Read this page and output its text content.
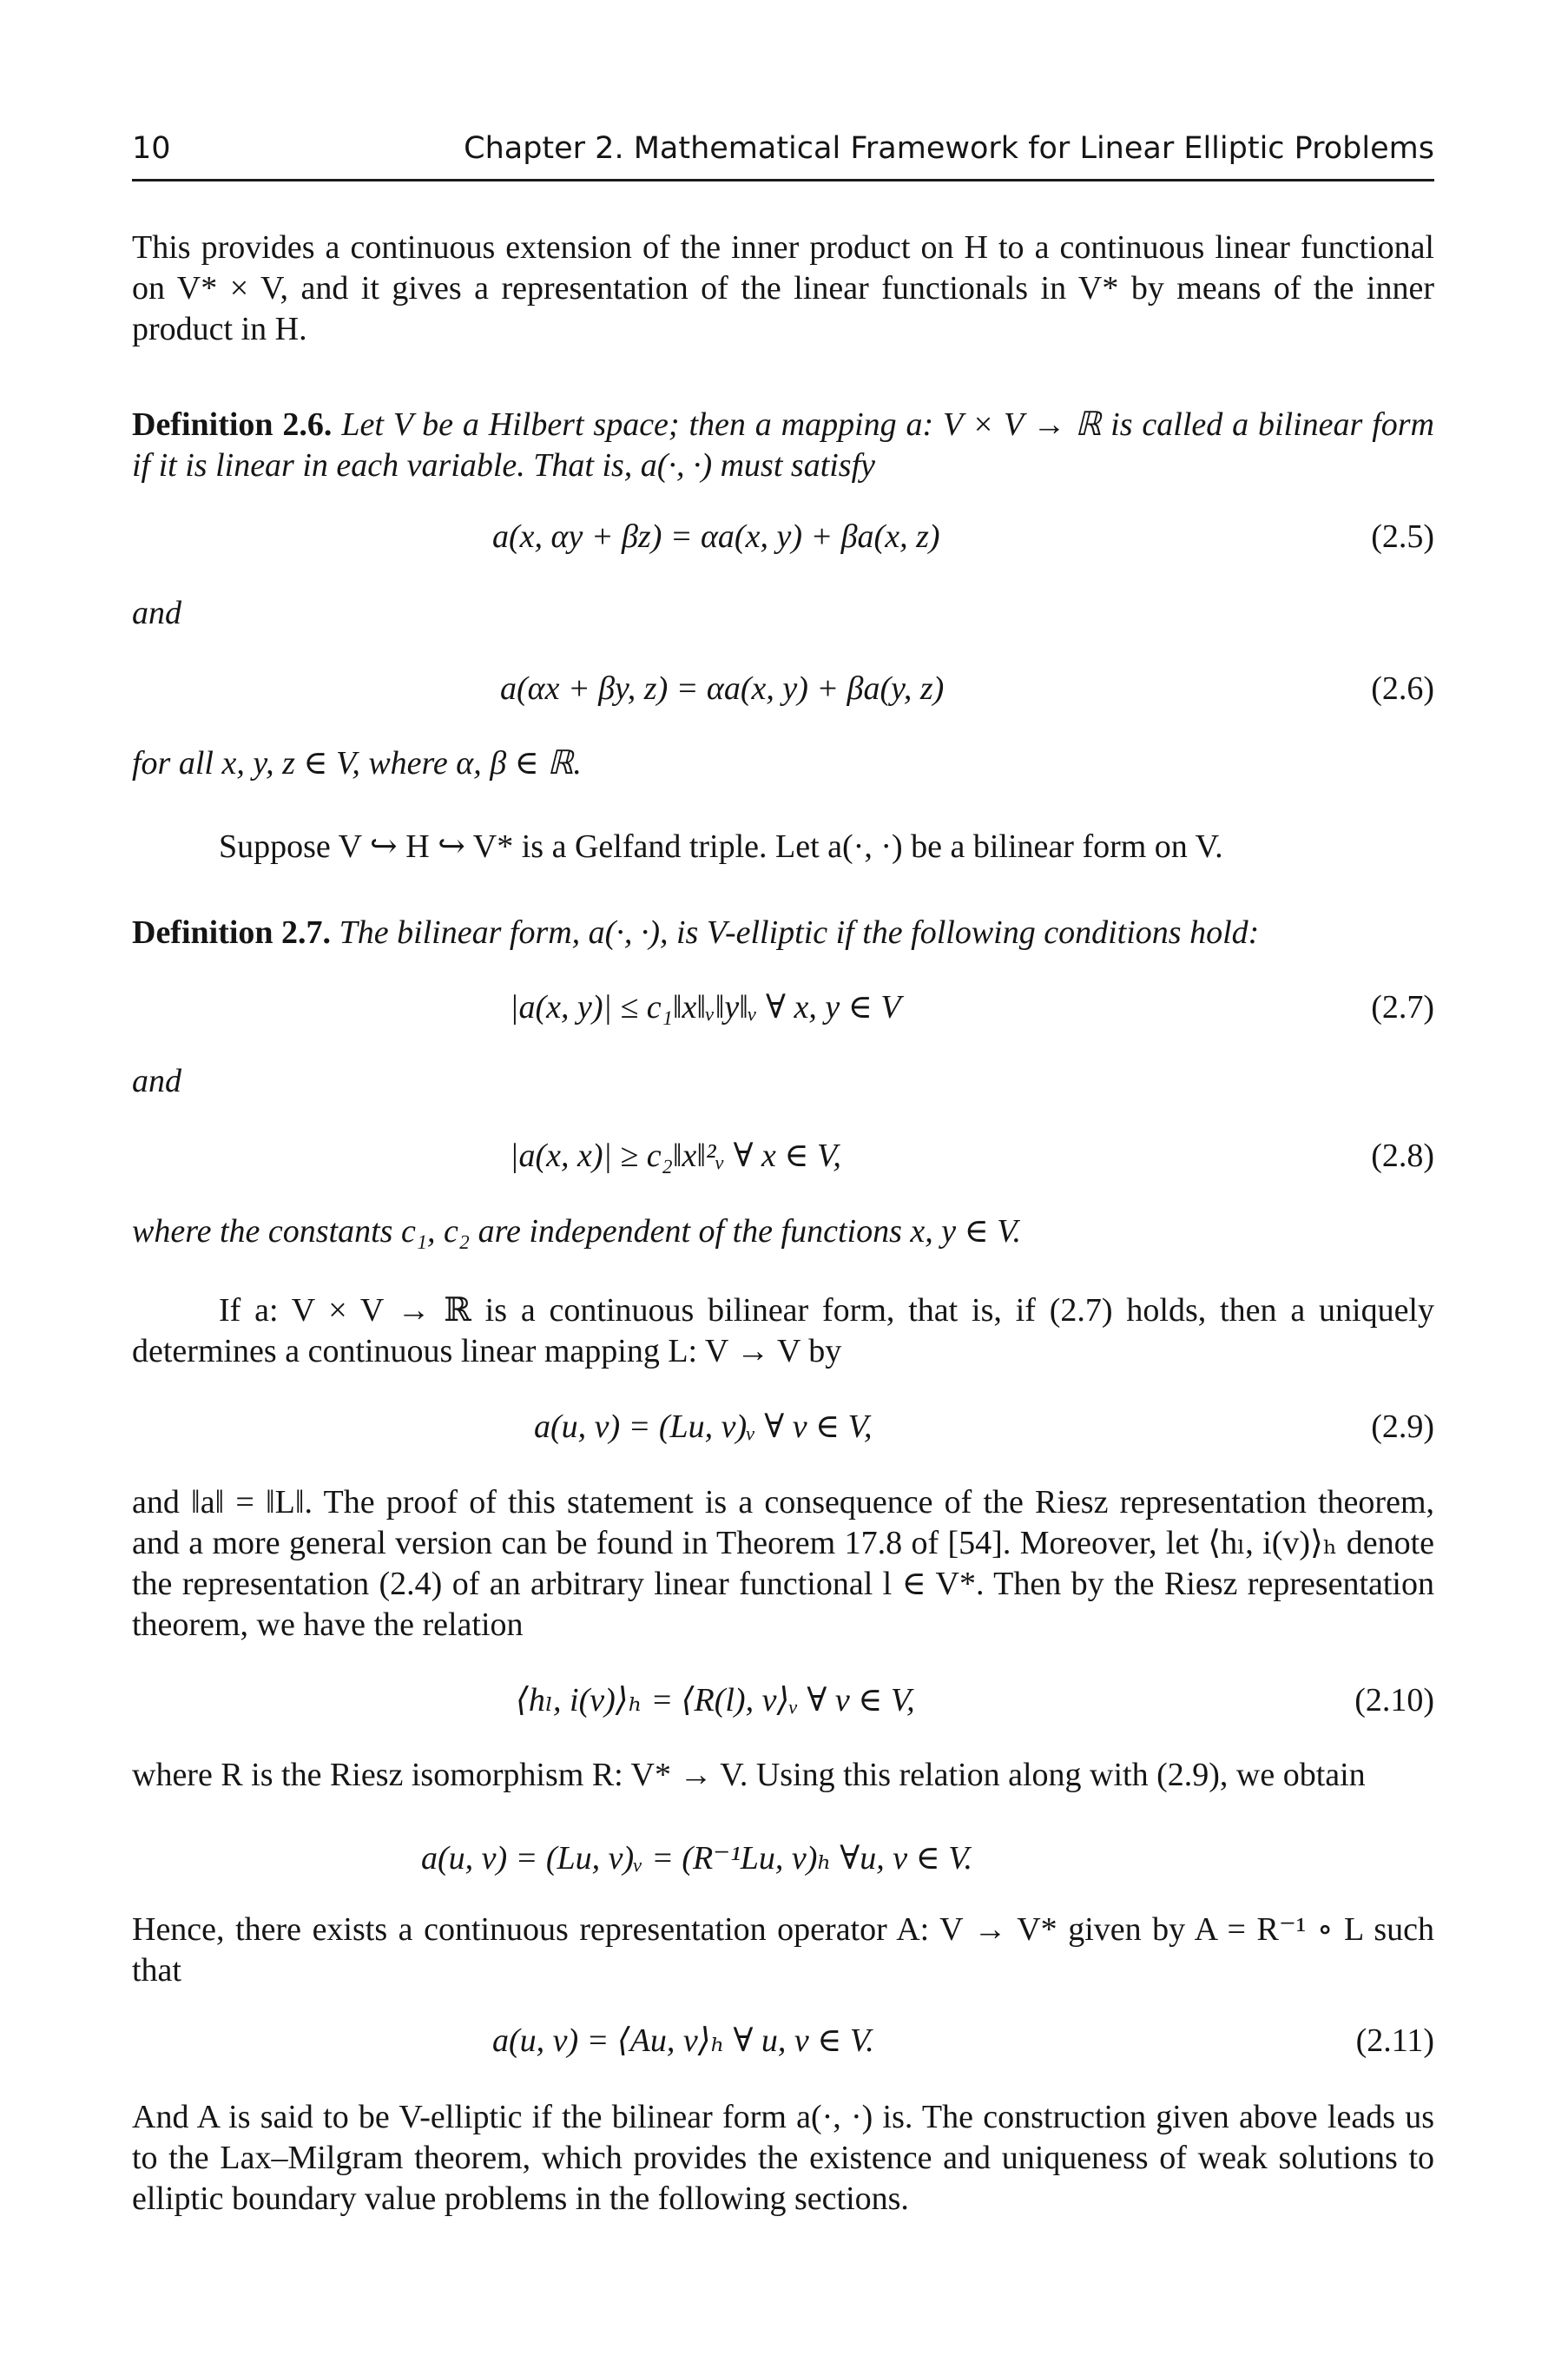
10	Chapter 2. Mathematical Framework for Linear Elliptic Problems

This provides a continuous extension of the inner product on H to a continuous linear functional on V* × V, and it gives a representation of the linear functionals in V* by means of the inner product in H.

Definition 2.6. Let V be a Hilbert space; then a mapping a: V × V → ℝ is called a bilinear form if it is linear in each variable. That is, a(·, ·) must satisfy

a(x, αy + βz) = αa(x, y) + βa(x, z)	(2.5)
and
a(αx + βy, z) = αa(x, y) + βa(y, z)	(2.6)
for all x, y, z ∈ V, where α, β ∈ ℝ.
Suppose V ↪ H ↪ V* is a Gelfand triple. Let a(·, ·) be a bilinear form on V.

Definition 2.7. The bilinear form, a(·, ·), is V-elliptic if the following conditions hold:

|a(x, y)| ≤ c₁‖x‖ᵥ‖y‖ᵥ ∀ x, y ∈ V	(2.7)
and
|a(x, x)| ≥ c₂‖x‖²ᵥ ∀ x ∈ V,	(2.8)
where the constants c₁, c₂ are independent of the functions x, y ∈ V.

If a: V × V → ℝ is a continuous bilinear form, that is, if (2.7) holds, then a uniquely determines a continuous linear mapping L: V → V by

a(u, v) = (Lu, v)ᵥ ∀ v ∈ V,	(2.9)

and ‖a‖ = ‖L‖. The proof of this statement is a consequence of the Riesz representation theorem, and a more general version can be found in Theorem 17.8 of [54]. Moreover, let ⟨hₗ, i(v)⟩ₕ denote the representation (2.4) of an arbitrary linear functional l ∈ V*. Then by the Riesz representation theorem, we have the relation

⟨hₗ, i(v)⟩ₕ = ⟨R(l), v⟩ᵥ ∀ v ∈ V,	(2.10)

where R is the Riesz isomorphism R: V* → V. Using this relation along with (2.9), we obtain

a(u, v) = (Lu, v)ᵥ = (R⁻¹Lu, v)ₕ ∀u, v ∈ V.

Hence, there exists a continuous representation operator A: V → V* given by A = R⁻¹ ∘ L such that

a(u, v) = ⟨Au, v⟩ₕ ∀ u, v ∈ V.	(2.11)

And A is said to be V-elliptic if the bilinear form a(·, ·) is. The construction given above leads us to the Lax–Milgram theorem, which provides the existence and uniqueness of weak solutions to elliptic boundary value problems in the following sections.
